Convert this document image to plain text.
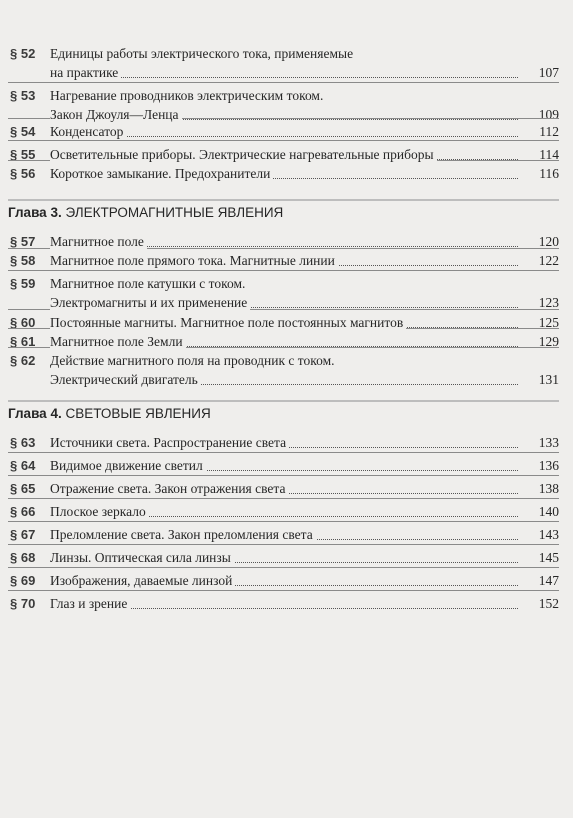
§ 52	Единицы работы электрического тока, применяемые
на практике	107
§ 53	Нагревание проводников электрическим током.
Закон Джоуля—Ленца	109
§ 54	Конденсатор	112
§ 55	Осветительные приборы. Электрические нагревательные приборы	114
§ 56	Короткое замыкание. Предохранители	116
Глава 3. ЭЛЕКТРОМАГНИТНЫЕ ЯВЛЕНИЯ
§ 57	Магнитное поле	120
§ 58	Магнитное поле прямого тока. Магнитные линии	122
§ 59	Магнитное поле катушки с током.
Электромагниты и их применение	123
§ 60	Постоянные магниты. Магнитное поле постоянных магнитов	125
§ 61	Магнитное поле Земли	129
§ 62	Действие магнитного поля на проводник с током.
Электрический двигатель	131
Глава 4. СВЕТОВЫЕ ЯВЛЕНИЯ
§ 63	Источники света. Распространение света	133
§ 64	Видимое движение светил	136
§ 65	Отражение света. Закон отражения света	138
§ 66	Плоское зеркало	140
§ 67	Преломление света. Закон преломления света	143
§ 68	Линзы. Оптическая сила линзы	145
§ 69	Изображения, даваемые линзой	147
§ 70	Глаз и зрение	152
